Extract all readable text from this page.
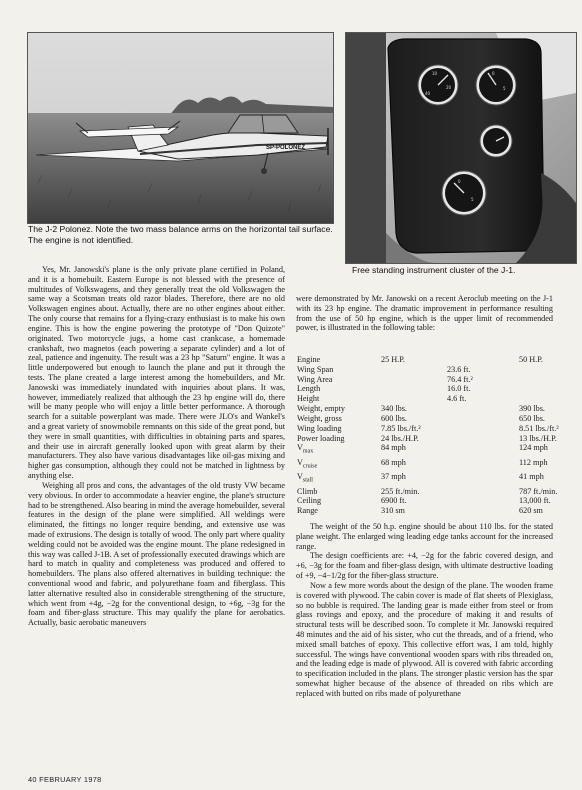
SP-POLONEZ
The J-2 Polonez. Note the two mass balance arms on the horizontal tail surface. The engine is not identified.
10
20
40
0
5
0
5
Free standing instrument cluster of the J-1.

Yes, Mr. Janowski's plane is the only private plane certified in Poland, and it is a homebuilt. Eastern Europe is not blessed with the presence of multitudes of Volkswagens, and they generally treat the old Volkswagen the same way a Scotsman treats old razor blades. Therefore, there are no old Volkswagen engines about. Actually, there are no other engines about either. The only course that remains for a flying-crazy enthusiast is to make his own engine. This is how the engine powering the prototype of "Don Quizote" originated. Two motorcycle jugs, a home cast crankcase, a homemade crankshaft, two magnetos (each powering a separate cylinder) and a lot of zeal, patience and ingenuity. The result was a 23 hp "Saturn" engine. It was a little underpowered but enough to launch the plane and put it through the tests. The plane created a large interest among the homebuilders, and Mr. Janowski was immediately inundated with inquiries about plans. It was, however, immediately realized that although the 23 hp engine will do, there will be many people who will enjoy a little better performance. A thorough search for a suitable powerplant was made. There were JLO's and Wankel's and a great variety of snowmobile remnants on this side of the great pond, but they were in small quantities, with difficulties in obtaining parts and spares, and their use in aircraft generally looked upon with great alarm by their manufacturers. They also have various disadvantages like oil-gas mixing and higher gas consumption, although they could not be matched in lightness by anything else.

Weighing all pros and cons, the advantages of the old trusty VW became very obvious. In order to accommodate a heavier engine, the plane's structure had to be strengthened. Also bearing in mind the average homebuilder, several features in the design of the plane were simplified. All weldings were eliminated, the fittings no longer require bending, and extensive use was made of extrusions. The design is totally of wood. The only part where quality welding could not be avoided was the engine mount. The plane redesigned in this way was called J-1B. A set of professionally executed drawings which are hard to match in quality and completeness was produced and offered to homebuilders. The plans also offered alternatives in building technique: the conventional wood and fabric, and polyurethane foam and fiberglass. This latter alternative resulted also in considerable strengthening of the structure, which went from +4g, −2g for the conventional design, to +6g, −3g for the foam and fiber-glass structure. This may qualify the plane for aerobatics. Actually, basic aerobatic maneuvers

were demonstrated by Mr. Janowski on a recent Aeroclub meeting on the J-1 with its 23 hp engine. The dramatic improvement in performance resulting from the use of 50 hp engine, which is the upper limit of recommended power, is illustrated in the following table:

Engine	25 H.P.		50 H.P.
Wing Span		23.6 ft.	
Wing Area		76.4 ft.²	
Length		16.0 ft.	
Height		4.6 ft.	
Weight, empty	340 lbs.		390 lbs.
Weight, gross	600 lbs.		650 lbs.
Wing loading	7.85 lbs./ft.²		8.51 lbs./ft.²
Power loading	24 lbs./H.P.		13 lbs./H.P.
$V_{max}$	84 mph		124 mph
$V_{cruise}$	68 mph		112 mph
$V_{stall}$	37 mph		41 mph
Climb	255 ft./min.		787 ft./min.
Ceiling	6900 ft.		13,000 ft.
Range	310 sm		620 sm

The weight of the 50 h.p. engine should be about 110 lbs. for the stated plane weight. The enlarged wing leading edge tanks account for the increased range.

The design coefficients are: +4, −2g for the fabric covered design, and +6, −3g for the foam and fiber-glass design, with ultimate destructive loading of +9, −4−1/2g for the fiber-glass structure.

Now a few more words about the design of the plane. The wooden frame is covered with plywood. The cabin cover is made of flat sheets of Plexiglass, so no bubble is required. The landing gear is made either from steel or from glass rovings and epoxy, and the procedure of making it and results of structural tests will be described soon. To complete it Mr. Janowski required 48 minutes and the aid of his sister, who cut the threads, and of a friend, who mixed small batches of epoxy. This collective effort was, I am told, highly successful. The wings have conventional wooden spars with ribs threaded on, and the leading edge is made of plywood. All is covered with fabric according to specification included in the plans. The stronger plastic version has the spar somewhat higher because of the absence of threaded on ribs which are replaced with butted on ribs made of polyurethane

40 FEBRUARY 1978
